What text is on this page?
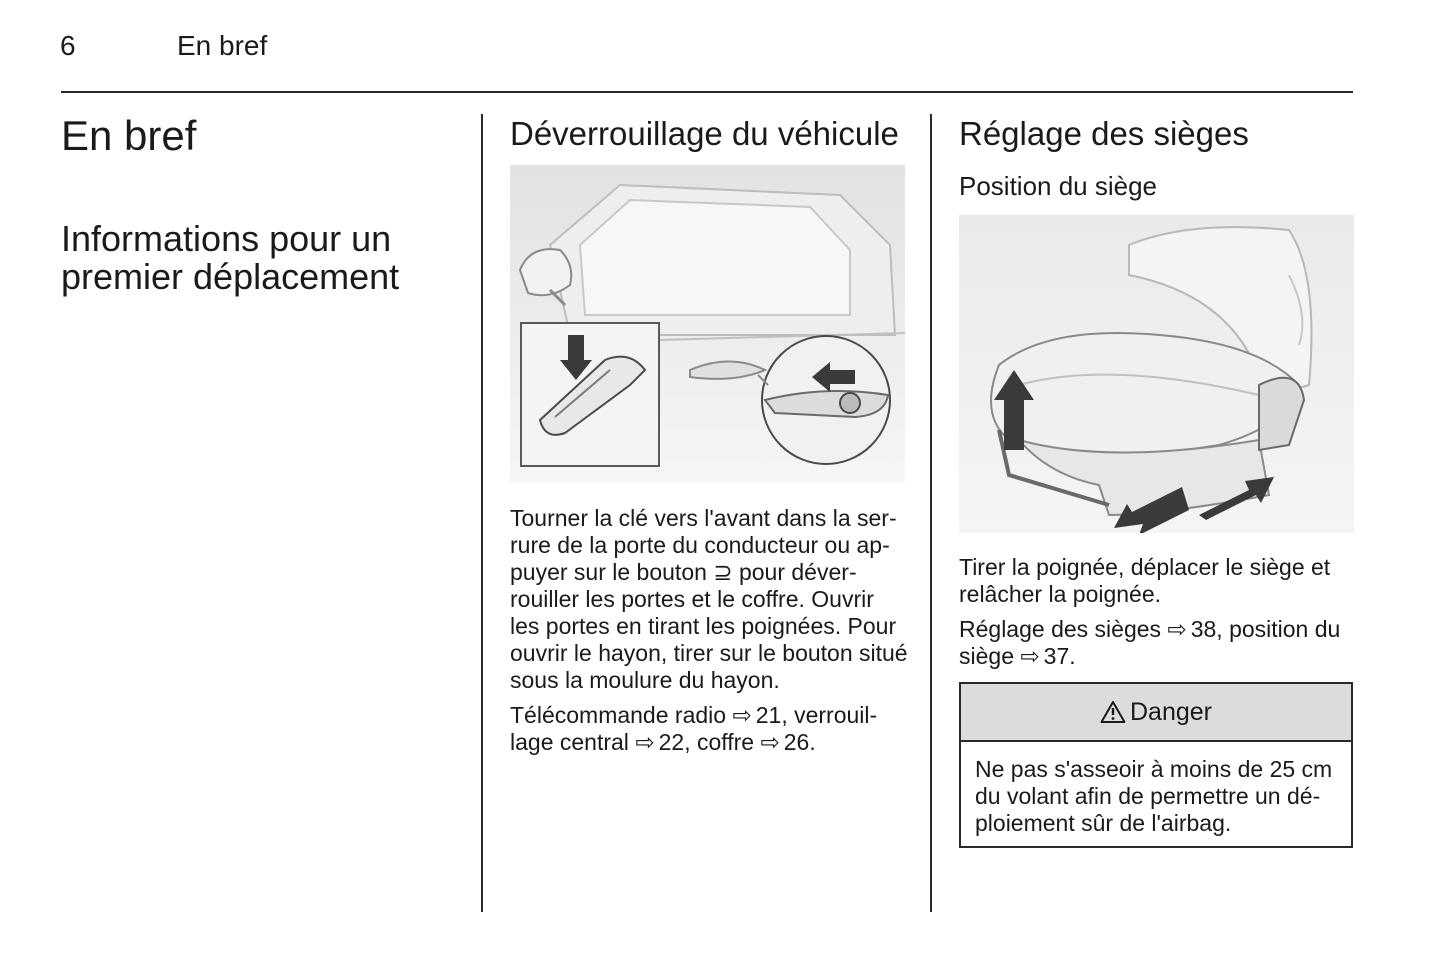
6	En bref
En bref
Informations pour un premier déplacement
Déverrouillage du véhicule
Tourner la clé vers l'avant dans la serrure de la porte du conducteur ou appuyer sur le bouton ⊇ pour déverrouiller les portes et le coffre. Ouvrir les portes en tirant les poignées. Pour ouvrir le hayon, tirer sur le bouton situé sous la moulure du hayon.
Télécommande radio ⇨ 21, verrouillage central ⇨ 22, coffre ⇨ 26.
Réglage des sièges
Position du siège
Tirer la poignée, déplacer le siège et relâcher la poignée.
Réglage des sièges ⇨ 38, position du siège ⇨ 37.
Danger
Ne pas s'asseoir à moins de 25 cm du volant afin de permettre un déploiement sûr de l'airbag.
